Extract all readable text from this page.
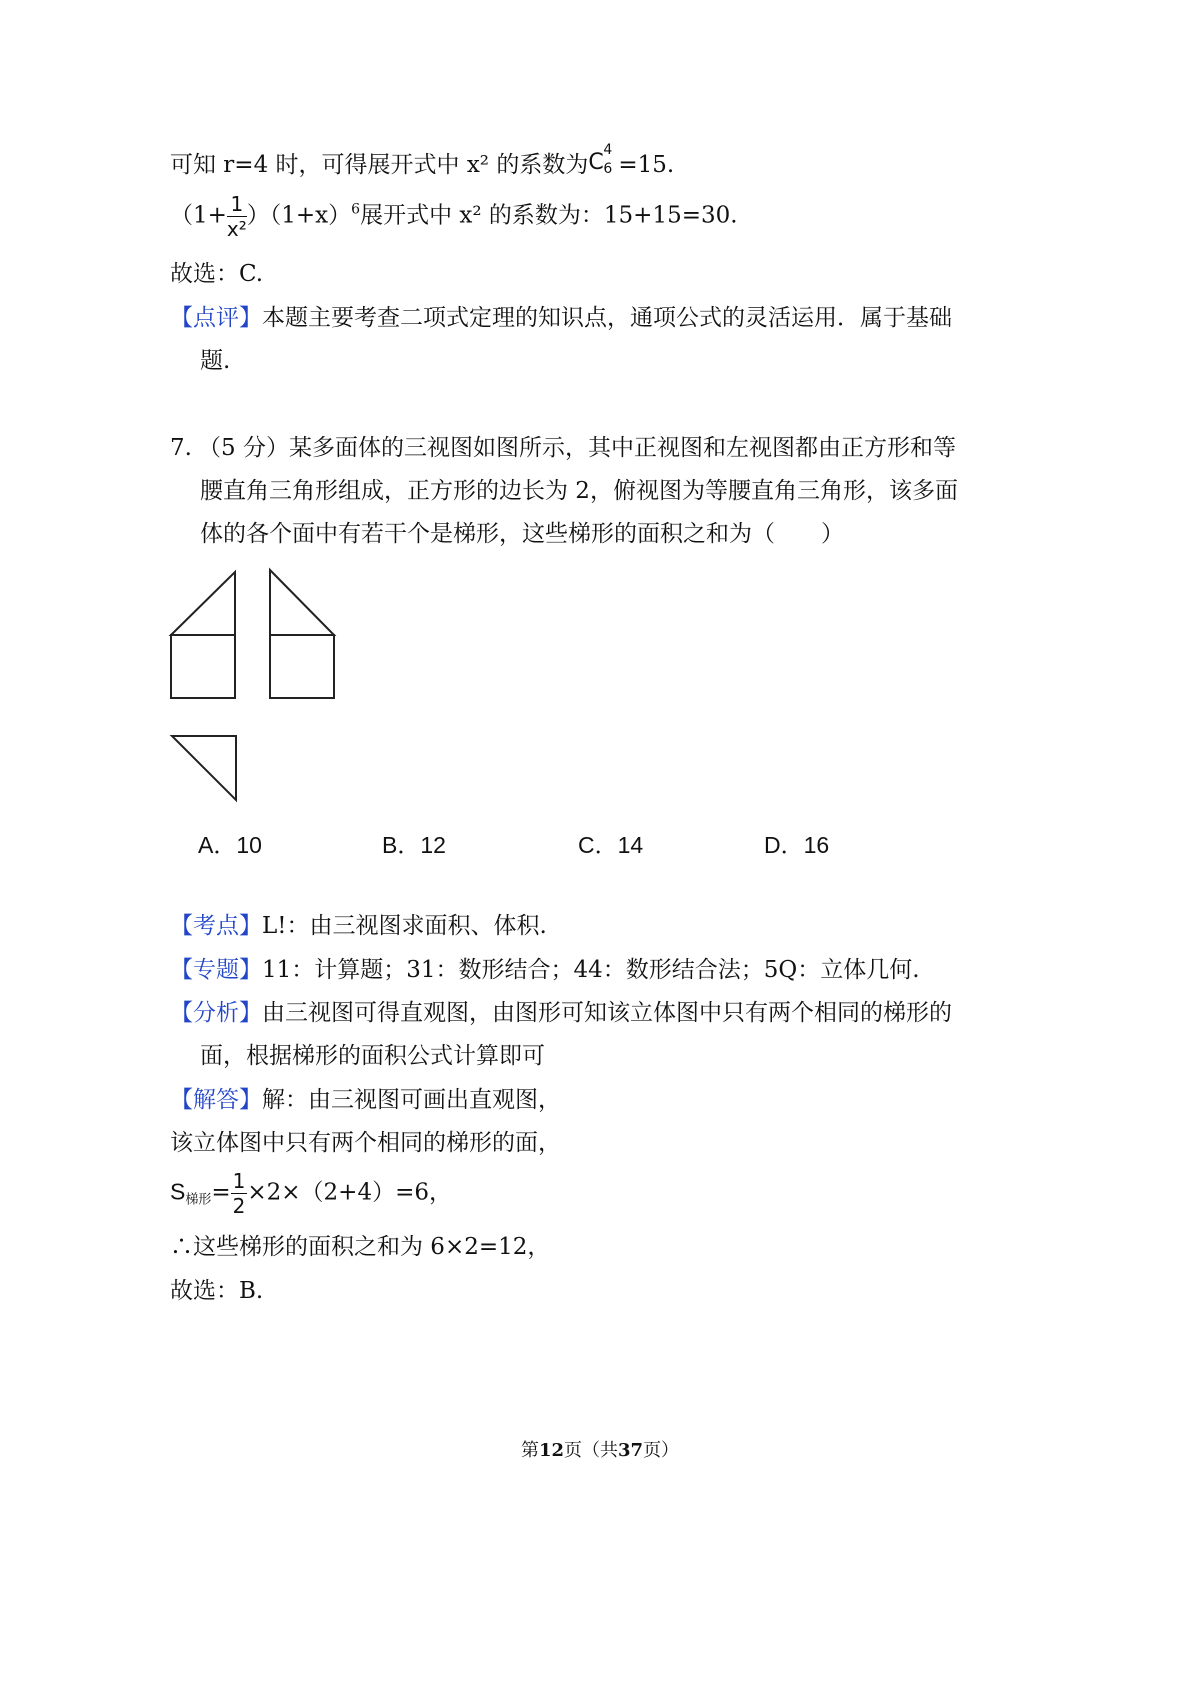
可知 r=4 时，可得展开式中 x² 的系数为 C 4
6 =15.
$(1+ \frac{1}{\text{x²}} )(1+x)^6$展开式中 x² 的系数为：15+15=30.
故选：C.
【点评】本题主要考查二项式定理的知识点，通项公式的灵活运用．属于基础
题.
7. （5 分）某多面体的三视图如图所示，其中正视图和左视图都由正方形和等
腰直角三角形组成，正方形的边长为 2，俯视图为等腰直角三角形，该多面
体的各个面中有若干个是梯形，这些梯形的面积之和为（　　）
A．10	B．12	C．14	D．16
【考点】L!：由三视图求面积、体积.
【专题】11：计算题；31：数形结合；44：数形结合法；5Q：立体几何.
【分析】由三视图可得直观图，由图形可知该立体图中只有两个相同的梯形的
面，根据梯形的面积公式计算即可
【解答】解：由三视图可画出直观图，
该立体图中只有两个相同的梯形的面，
S梯形= $\frac{1}{2} \times 2\times(2+4)=6$，
∴这些梯形的面积之和为 6×2=12，
故选：B.
第12页（共37页）
